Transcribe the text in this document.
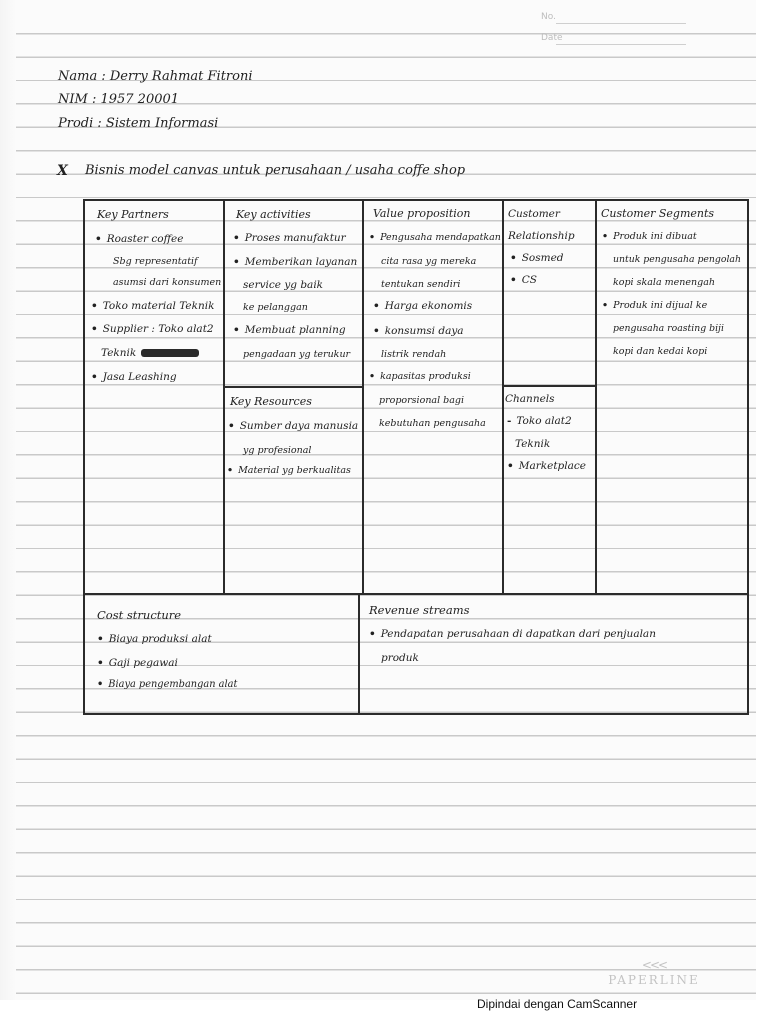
No.
Date
Nama : Derry Rahmat Fitroni
NIM : 1957 20001
Prodi : Sistem Informasi
X Bisnis model canvas untuk perusahaan / usaha coffe shop
Key Partners
• Roaster coffee
Sbg representatif
asumsi dari konsumen
• Toko material Teknik
• Supplier : Toko alat2
Teknik
• Jasa Leashing
Key activities
• Proses manufaktur
• Memberikan layanan
service yg baik
ke pelanggan
• Membuat planning
pengadaan yg terukur
Key Resources
• Sumber daya manusia
yg profesional
• Material yg berkualitas
Value proposition
• Pengusaha mendapatkan
cita rasa yg mereka
tentukan sendiri
• Harga ekonomis
• konsumsi daya
listrik rendah
• kapasitas produksi
proporsional bagi
kebutuhan pengusaha
Customer
Relationship
• Sosmed
• CS
Channels
- Toko alat2
Teknik
• Marketplace
Customer Segments
• Produk ini dibuat
untuk pengusaha pengolah
kopi skala menengah
• Produk ini dijual ke
pengusaha roasting biji
kopi dan kedai kopi
Cost structure
• Biaya produksi alat
• Gaji pegawai
• Biaya pengembangan alat
Revenue streams
• Pendapatan perusahaan di dapatkan dari penjualan
produk
<<<
PAPERLINE
Dipindai dengan CamScanner
